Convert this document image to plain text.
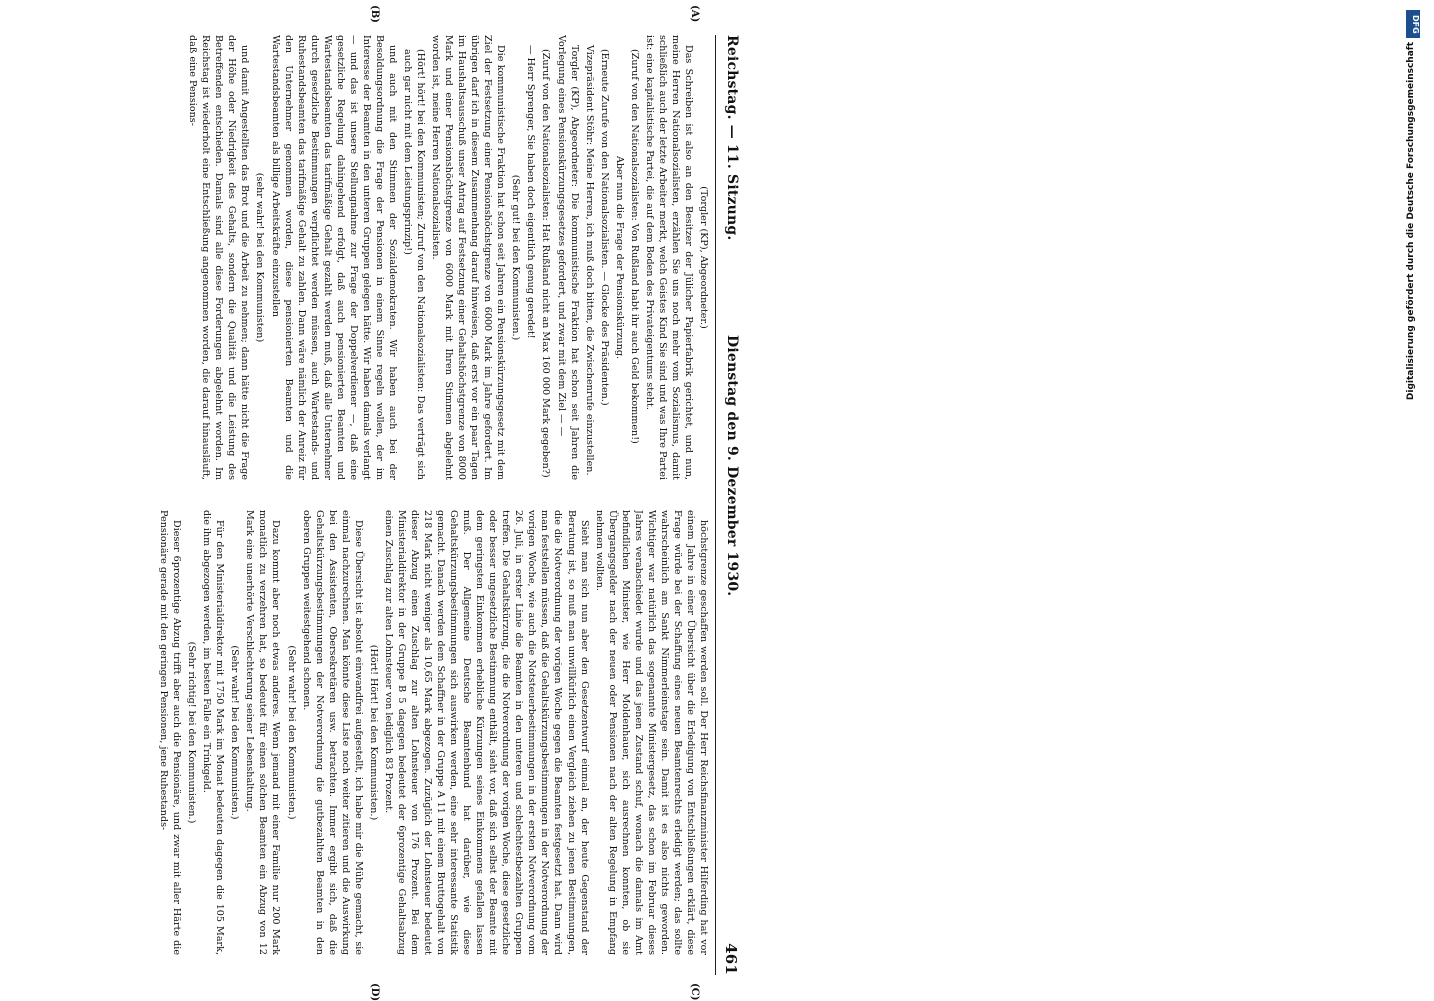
Reichstag. — 11. Sitzung.
Dienstag den 9. Dezember 1930.
461
(A)
(B)
(C)
(D)

(Torgler (KP), Abgeordneter.)

Das Schreiben ist also an den Besitzer der Jülicher Papierfabrik gerichtet, und nun, meine Herren Nationalsozialisten, erzählen Sie uns noch mehr vom Sozialismus, damit schließlich auch der letzte Arbeiter merkt, welch Geistes Kind Sie sind und was Ihre Partei ist: eine kapitalistische Partei, die auf dem Boden des Privateigentums steht.

(Zuruf von den Nationalsozialisten: Von Rußland habt ihr auch Geld bekommen!)

Aber nun die Frage der Pensionskürzung.

(Erneute Zurufe von den Nationalsozialisten. — Glocke des Präsidenten.)

Vizepräsident Stöhr: Meine Herren, ich muß doch bitten, die Zwischenrufe einzustellen.

Torgler (KP), Abgeordneter: Die kommunistische Fraktion hat schon seit Jahren die Vorlegung eines Pensionskürzungsgesetzes gefordert, und zwar mit dem Ziel — —

(Zuruf von den Nationalsozialisten: Hat Rußland nicht an Max 160 000 Mark gegeben?)

— Herr Sprenger, Sie haben doch eigentlich genug geredet!

(Sehr gut! bei den Kommunisten.)

Die kommunistische Fraktion hat schon seit Jahren ein Pensionskürzungsgesetz mit dem Ziel der Festsetzung einer Pensionshöchstgrenze von 6000 Mark im Jahre gefordert. Im übrigen darf ich in diesem Zusammenhang darauf hinweisen, daß erst vor ein paar Tagen im Haushaltsausschuß unser Antrag auf Festsetzung einer Gehaltshöchstgrenze von 8000 Mark und einer Pensionshöchstgrenze von 6000 Mark mit Ihren Stimmen abgelehnt worden ist, meine Herren Nationalsozialisten.

(Hört! hört! bei den Kommunisten; Zuruf von den Nationalsozialisten: Das verträgt sich auch gar nicht mit dem Leistungsprinzip!)

und auch mit den Stimmen der Sozialdemokraten. Wir haben auch bei der Besoldungsordnung die Frage der Pensionen in einem Sinne regeln wollen, der im Interesse der Beamten in den unteren Gruppen gelegen hätte. Wir haben damals verlangt — und das ist unsere Stellungnahme zur Frage der Doppelverdiener —, daß eine gesetzliche Regelung dahingehend erfolgt, daß auch pensionierten Beamten und Wartestandsbeamten das tarifmäßige Gehalt gezahlt werden muß, daß alle Unternehmer durch gesetzliche Bestimmungen verpflichtet werden müssen, auch Wartestands- und Ruhestandsbeamten das tarifmäßige Gehalt zu zahlen. Dann wäre nämlich der Anreiz für den Unternehmer genommen worden, diese pensionierten Beamten und die Wartestandsbeamten als billige Arbeitskräfte einzustellen

(sehr wahr! bei den Kommunisten)

und damit Angestellten das Brot und die Arbeit zu nehmen; dann hätte nicht die Frage der Höhe oder Niedrigkeit des Gehalts, sondern die Qualität und die Leistung des Betreffenden entschieden. Damals sind alle diese Forderungen abgelehnt worden. Im Reichstag ist wiederholt eine Entschließung angenommen worden, die darauf hinausläuft, daß eine Pensions-

höchstgrenze geschaffen werden soll. Der Herr Reichsfinanzminister Hilferding hat vor einem Jahre in einer Übersicht über die Erledigung von Entschließungen erklärt, diese Frage würde bei der Schaffung eines neuen Beamtenrechts erledigt werden; das sollte wahrscheinlich am Sankt Nimmerleinstage sein. Damit ist es also nichts geworden. Wichtiger war natürlich das sogenannte Ministergesetz, das schon im Februar dieses Jahres verabschiedet wurde und das jenen Zustand schuf, wonach die damals im Amt befindlichen Minister, wie Herr Moldenhauer, sich ausrechnen konnten, ob sie Übergangsgelder nach der neuen oder Pensionen nach der alten Regelung in Empfang nehmen wollten.

Sieht man sich nun aber den Gesetzentwurf einmal an, der heute Gegenstand der Beratung ist, so muß man unwillkürlich einen Vergleich ziehen zu jenen Bestimmungen, die die Notverordnung der vorigen Woche gegen die Beamten festgesetzt hat. Dann wird man feststellen müssen, daß die Gehaltskürzungsbestimmungen in der Notverordnung der vorigen Woche, wie auch die Notsteuerbestimmungen in der ersten Notverordnung vom 26. Juli, in erster Linie die Beamten in den unteren und schlechtestbezahlten Gruppen treffen. Die Gehaltskürzung, die die Notverordnung der vorigen Woche, diese gesetzliche oder besser ungesetzliche Bestimmung enthält, sieht vor, daß sich selbst der Beamte mit dem geringsten Einkommen erhebliche Kürzungen seines Einkommens gefallen lassen muß. Der Allgemeine Deutsche Beamtenbund hat darüber, wie diese Gehaltskürzungsbestimmungen sich auswirken werden, eine sehr interessante Statistik gemacht. Danach werden dem Schaffner in der Gruppe A 11 mit einem Bruttogehalt von 218 Mark nicht weniger als 10,65 Mark abgezogen. Zuzüglich der Lohnsteuer bedeutet dieser Abzug einen Zuschlag zur alten Lohnsteuer von 176 Prozent. Bei dem Ministerialdirektor in der Gruppe B 5 dagegen bedeutet der 6prozentige Gehaltsabzug einen Zuschlag zur alten Lohnsteuer von lediglich 83 Prozent.

(Hört! Hört! bei den Kommunisten.)

Diese Übersicht ist absolut einwandfrei aufgestellt, ich habe mir die Mühe gemacht, sie einmal nachzurechnen. Man könnte diese Liste noch weiter zitieren und die Auswirkung bei den Assistenten, Obersekretären usw. betrachten. Immer ergibt sich, daß die Gehaltskürzungsbestimmungen der Notverordnung die gutbezahlten Beamten in den oberen Gruppen weitestgehend schonen.

(Sehr wahr! bei den Kommunisten.)

Dazu kommt aber noch etwas anderes. Wenn jemand mit einer Familie nur 200 Mark monatlich zu verzehren hat, so bedeutet für einen solchen Beamten ein Abzug von 12 Mark eine unerhörte Verschlechterung seiner Lebenshaltung.

(Sehr wahr! bei den Kommunisten.)

Für den Ministerialdirektor mit 1750 Mark im Monat bedeuten dagegen die 105 Mark, die ihm abgezogen werden, im besten Falle ein Trinkgeld.

(Sehr richtig! bei den Kommunisten.)

Dieser 6prozentige Abzug trifft aber auch die Pensionäre, und zwar mit aller Härte die Pensionäre gerade mit den geringen Pensionen, jene Ruhestands-

DFG
Digitalisierung gefördert durch die Deutsche Forschungsgemeinschaft
